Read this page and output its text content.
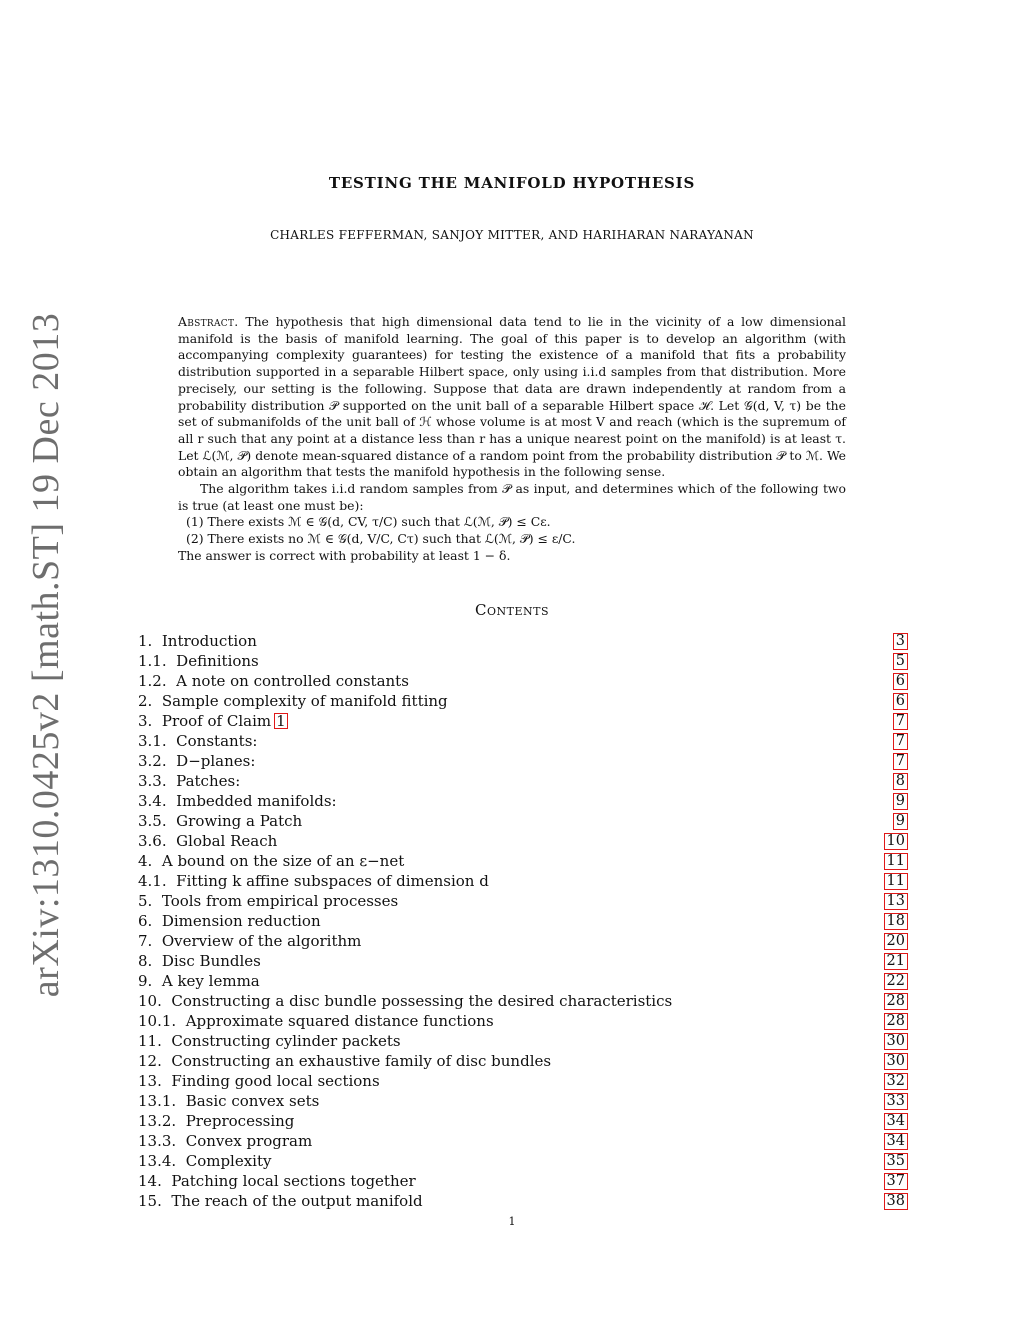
arXiv:1310.0425v2 [math.ST] 19 Dec 2013
TESTING THE MANIFOLD HYPOTHESIS
CHARLES FEFFERMAN, SANJOY MITTER, AND HARIHARAN NARAYANAN

Abstract. The hypothesis that high dimensional data tend to lie in the vicinity of a low dimensional manifold is the basis of manifold learning. The goal of this paper is to develop an algorithm (with accompanying complexity guarantees) for testing the existence of a manifold that fits a probability distribution supported in a separable Hilbert space, only using i.i.d samples from that distribution. More precisely, our setting is the following. Suppose that data are drawn independently at random from a probability distribution 𝒫 supported on the unit ball of a separable Hilbert space ℋ. Let 𝒢(d, V, τ) be the set of submanifolds of the unit ball of ℋ whose volume is at most V and reach (which is the supremum of all r such that any point at a distance less than r has a unique nearest point on the manifold) is at least τ. Let ℒ(ℳ, 𝒫) denote mean-squared distance of a random point from the probability distribution 𝒫 to ℳ. We obtain an algorithm that tests the manifold hypothesis in the following sense.

The algorithm takes i.i.d random samples from 𝒫 as input, and determines which of the following two is true (at least one must be):

(1) There exists ℳ ∈ 𝒢(d, CV, τ/C) such that ℒ(ℳ, 𝒫) ≤ Cε.
(2) There exists no ℳ ∈ 𝒢(d, V/C, Cτ) such that ℒ(ℳ, 𝒫) ≤ ε/C.

The answer is correct with probability at least 1 − δ.

Contents
1. Introduction	3
1.1. Definitions	5
1.2. A note on controlled constants	6
2. Sample complexity of manifold fitting	6
3. Proof of Claim 1	7
3.1. Constants:	7
3.2. D−planes:	7
3.3. Patches:	8
3.4. Imbedded manifolds:	9
3.5. Growing a Patch	9
3.6. Global Reach	10
4. A bound on the size of an ε−net	11
4.1. Fitting k affine subspaces of dimension d	11
5. Tools from empirical processes	13
6. Dimension reduction	18
7. Overview of the algorithm	20
8. Disc Bundles	21
9. A key lemma	22
10. Constructing a disc bundle possessing the desired characteristics	28
10.1. Approximate squared distance functions	28
11. Constructing cylinder packets	30
12. Constructing an exhaustive family of disc bundles	30
13. Finding good local sections	32
13.1. Basic convex sets	33
13.2. Preprocessing	34
13.3. Convex program	34
13.4. Complexity	35
14. Patching local sections together	37
15. The reach of the output manifold	38
1
